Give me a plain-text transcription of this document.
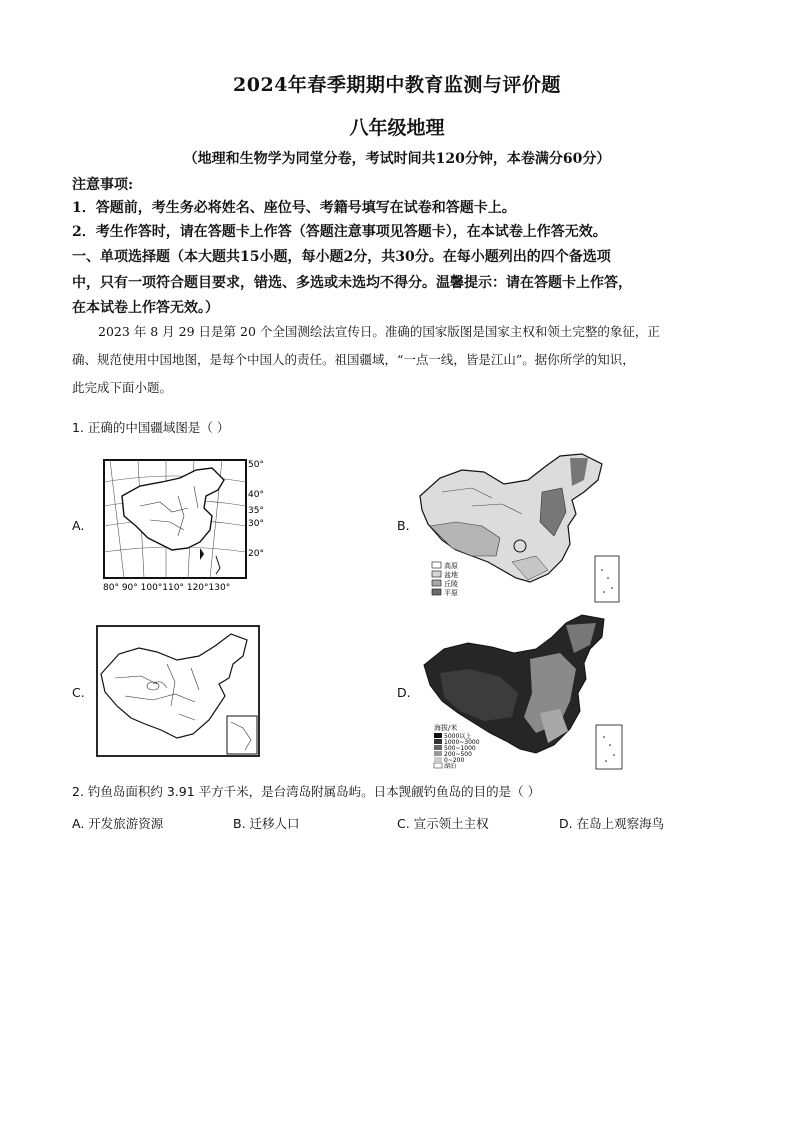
2024年春季期期中教育监测与评价题
八年级地理
（地理和生物学为同堂分卷，考试时间共120分钟，本卷满分60分）
注意事项:
1．答题前，考生务必将姓名、座位号、考籍号填写在试卷和答题卡上。
2．考生作答时，请在答题卡上作答（答题注意事项见答题卡），在本试卷上作答无效。
一、单项选择题（本大题共15小题，每小题2分，共30分。在每小题列出的四个备选项
中，只有一项符合题目要求，错选、多选或未选均不得分。温馨提示：请在答题卡上作答，
在本试卷上作答无效。）
2023 年 8 月 29 日是第 20 个全国测绘法宣传日。准确的国家版图是国家主权和领土完整的象征，正
确、规范使用中国地图，是每个中国人的责任。祖国疆域，“一点一线，皆是江山”。据你所学的知识，
此完成下面小题。
1. 正确的中国疆域图是（ ）
A.	B.
C.	D.
50°
40°
35°
30°
20°
80° 90° 100°110° 120°130°
高原
盆地
丘陵
平原
海拔/米
5000以上
1000~3000
500~1000
200~500
0~200
湖泊
2. 钓鱼岛面积约 3.91 平方千米，是台湾岛附属岛屿。日本觊觎钓鱼岛的目的是（ ）
A. 开发旅游资源	B. 迁移人口	C. 宣示领土主权	D. 在岛上观察海鸟
